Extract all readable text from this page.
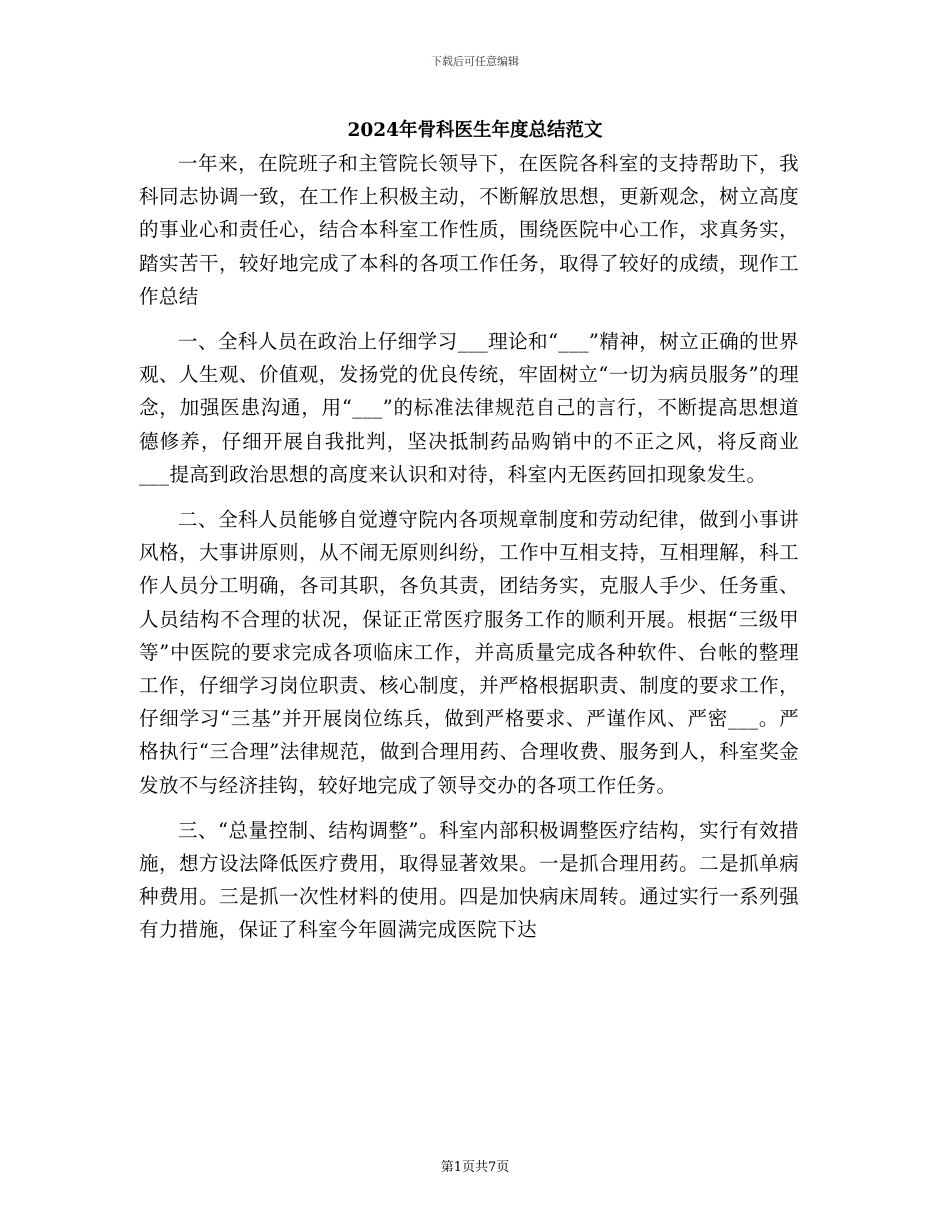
下载后可任意编辑
2024年骨科医生年度总结范文

一年来，在院班子和主管院长领导下，在医院各科室的支持帮助下，我科同志协调一致，在工作上积极主动，不断解放思想，更新观念，树立高度的事业心和责任心，结合本科室工作性质，围绕医院中心工作，求真务实，踏实苦干，较好地完成了本科的各项工作任务，取得了较好的成绩，现作工作总结

一、全科人员在政治上仔细学习___理论和“___”精神，树立正确的世界观、人生观、价值观，发扬党的优良传统，牢固树立“一切为病员服务”的理念，加强医患沟通，用“___”的标准法律规范自己的言行，不断提高思想道德修养，仔细开展自我批判，坚决抵制药品购销中的不正之风，将反商业___提高到政治思想的高度来认识和对待，科室内无医药回扣现象发生。

二、全科人员能够自觉遵守院内各项规章制度和劳动纪律，做到小事讲风格，大事讲原则，从不闹无原则纠纷，工作中互相支持，互相理解，科工作人员分工明确，各司其职，各负其责，团结务实，克服人手少、任务重、人员结构不合理的状况，保证正常医疗服务工作的顺利开展。根据“三级甲等”中医院的要求完成各项临床工作，并高质量完成各种软件、台帐的整理工作，仔细学习岗位职责、核心制度，并严格根据职责、制度的要求工作，仔细学习“三基”并开展岗位练兵，做到严格要求、严谨作风、严密___。严格执行“三合理”法律规范，做到合理用药、合理收费、服务到人，科室奖金发放不与经济挂钩，较好地完成了领导交办的各项工作任务。

三、“总量控制、结构调整”。科室内部积极调整医疗结构，实行有效措施，想方设法降低医疗费用，取得显著效果。一是抓合理用药。二是抓单病种费用。三是抓一次性材料的使用。四是加快病床周转。通过实行一系列强有力措施，保证了科室今年圆满完成医院下达

第1页共7页
